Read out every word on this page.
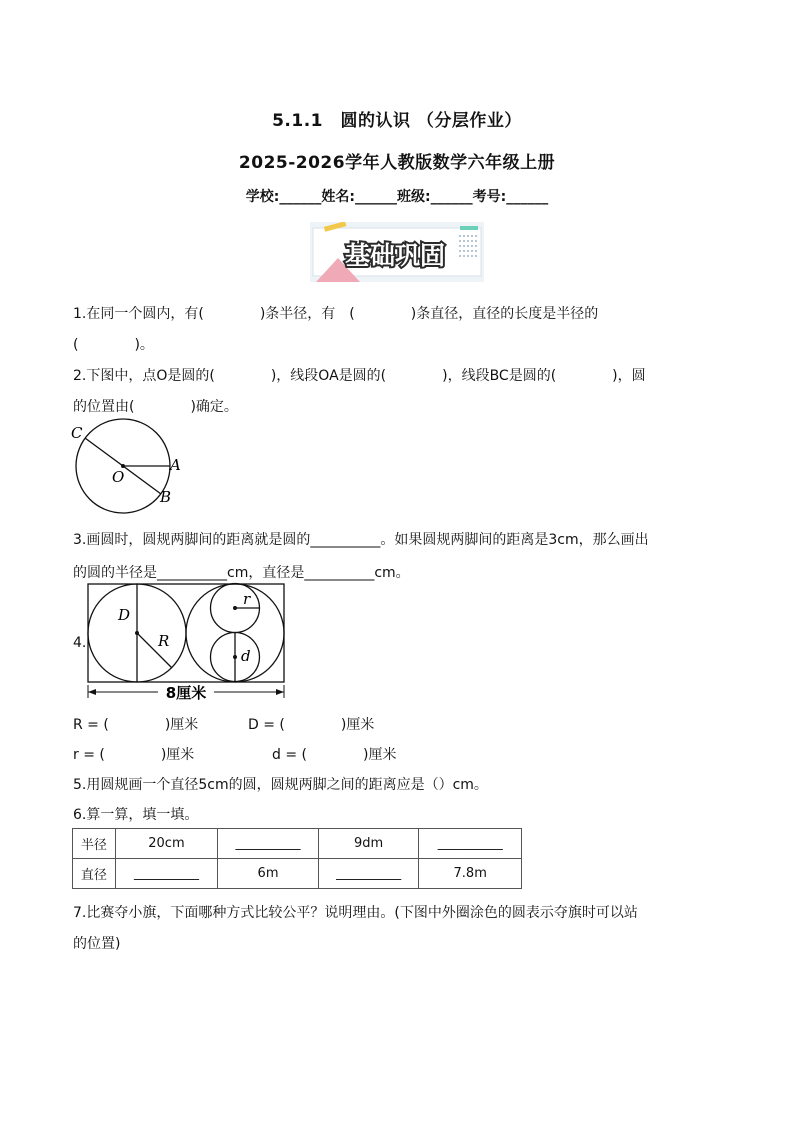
5.1.1　圆的认识 （分层作业）
2025-2026学年人教版数学六年级上册
学校:______姓名:______班级:______考号:______
基础巩固
1.在同一个圆内，有(　　　　)条半径，有　(　　　　)条直径，直径的长度是半径的
(　　　　)。
2.下图中，点O是圆的(　　　　)，线段OA是圆的(　　　　)，线段BC是圆的(　　　　)，圆
的位置由(　　　　)确定。
C
A
O
B
3.画圆时，圆规两脚间的距离就是圆的__________。如果圆规两脚间的距离是3cm，那么画出
的圆的半径是__________cm，直径是__________cm。
4.
D
R
r
d
8厘米
R = (　　　　)厘米	D = (　　　　)厘米
r = (　　　　)厘米	d = (　　　　)厘米
5.用圆规画一个直径5cm的圆，圆规两脚之间的距离应是（）cm。
6.算一算，填一填。
半径	20cm	__________	9dm	__________
直径	__________	6m	__________	7.8m
7.比赛夺小旗，下面哪种方式比较公平？说明理由。(下图中外圈涂色的圆表示夺旗时可以站
的位置)
